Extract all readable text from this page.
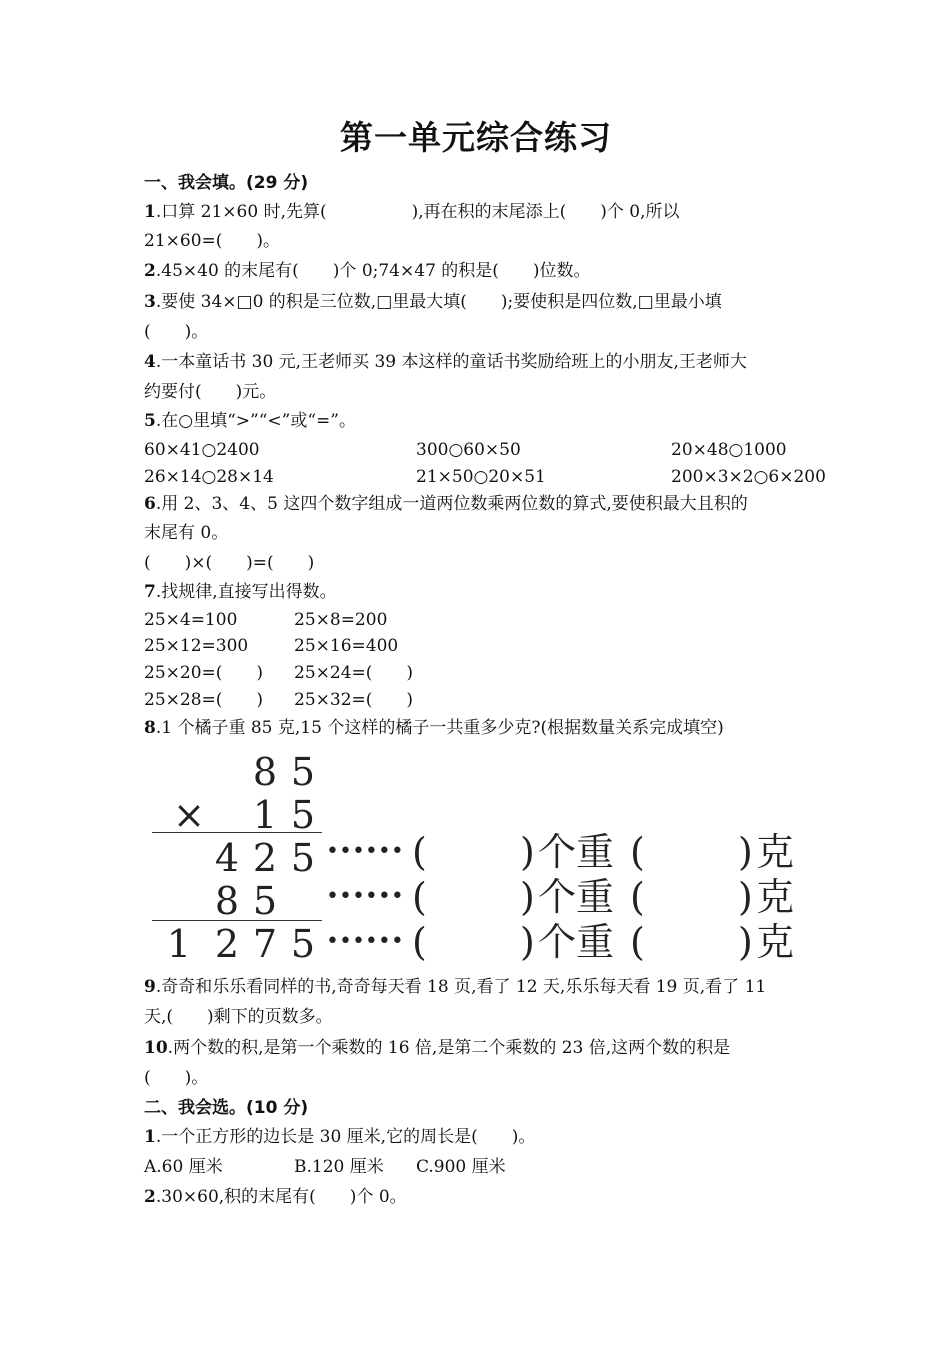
第一单元综合练习
一、我会填。(29 分)
1.口算 21×60 时,先算(　　　　　),再在积的末尾添上(　　)个 0,所以
21×60=(　　)。
2.45×40 的末尾有(　　)个 0;74×47 的积是(　　)位数。
3.要使 34×□0 的积是三位数,□里最大填(　　);要使积是四位数,□里最小填
(　　)。
4.一本童话书 30 元,王老师买 39 本这样的童话书奖励给班上的小朋友,王老师大
约要付(　　)元。
5.在○里填“>”“<”或“=”。
60×41○2400	300○60×50	20×48○1000
26×14○28×14	21×50○20×51	200×3×2○6×200
6.用 2、3、4、5 这四个数字组成一道两位数乘两位数的算式,要使积最大且积的
末尾有 0。
(　　)×(　　)=(　　)
7.找规律,直接写出得数。
25×4=100	25×8=200
25×12=300	25×16=400
25×20=(　　) 25×24=(　　)
25×28=(　　) 25×32=(　　)
8.1 个橘子重 85 克,15 个这样的橘子一共重多少克?(根据数量关系完成填空)
8 5
× 1 5
4 2 5
8 5
1 2 7 5
•••••• ( ) 个重 ( ) 克
•••••• ( ) 个重 ( ) 克
•••••• ( ) 个重 ( ) 克
9.奇奇和乐乐看同样的书,奇奇每天看 18 页,看了 12 天,乐乐每天看 19 页,看了 11
天,(　　)剩下的页数多。
10.两个数的积,是第一个乘数的 16 倍,是第二个乘数的 23 倍,这两个数的积是
(　　)。
二、我会选。(10 分)
1.一个正方形的边长是 30 厘米,它的周长是(　　)。
A.60 厘米	B.120 厘米 C.900 厘米
2.30×60,积的末尾有(　　)个 0。
